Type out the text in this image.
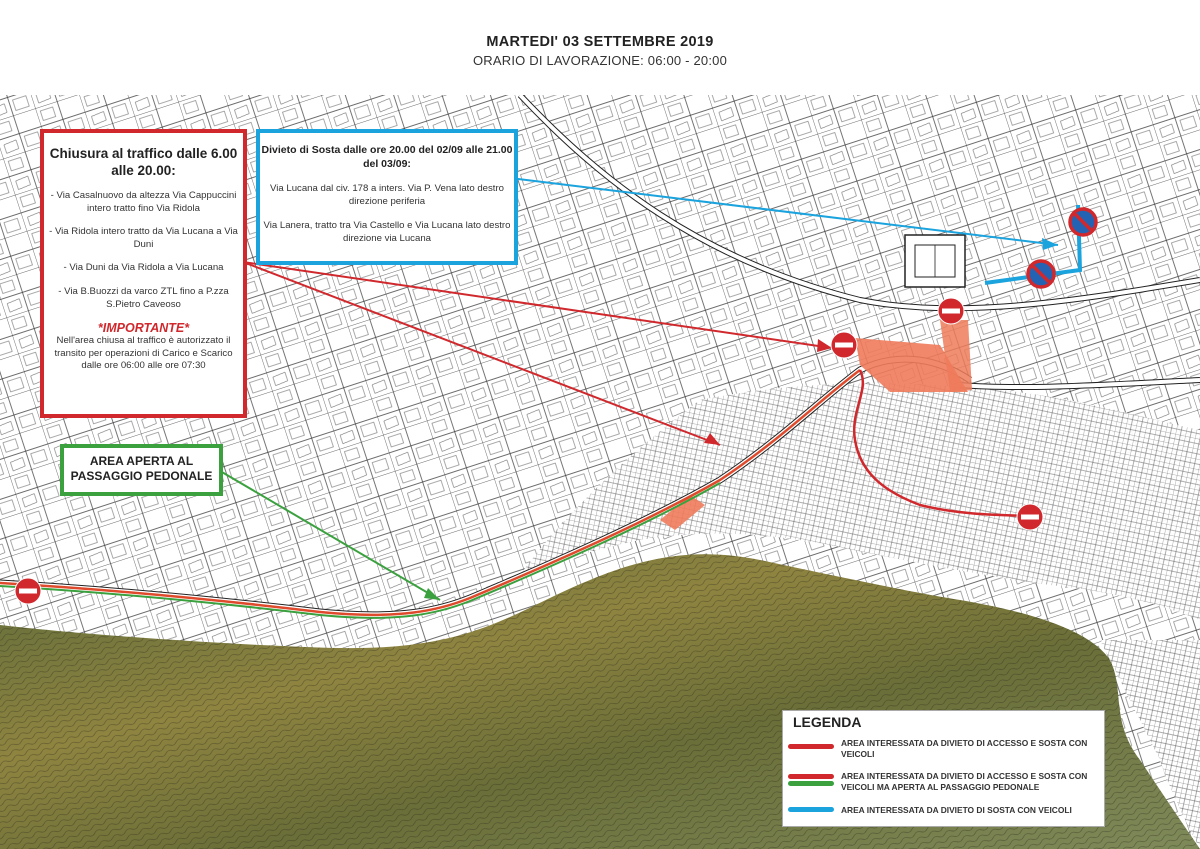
MARTEDI' 03 SETTEMBRE 2019
ORARIO DI LAVORAZIONE: 06:00 - 20:00
Chiusura al traffico dalle 6.00 alle 20.00:
- Via Casalnuovo da altezza Via Cappuccini intero tratto fino Via Ridola
- Via Ridola intero tratto da Via Lucana a Via Duni
- Via Duni da Via Ridola a Via Lucana
- Via B.Buozzi da varco ZTL fino a P.zza S.Pietro Caveoso
*IMPORTANTE*
Nell'area chiusa al traffico è autorizzato il transito per operazioni di Carico e Scarico dalle ore 06:00 alle ore 07:30
Divieto di Sosta dalle ore 20.00 del 02/09 alle 21.00 del 03/09:
Via Lucana dal civ. 178 a inters. Via P. Vena lato destro direzione periferia
Via Lanera, tratto tra Via Castello e Via Lucana lato destro direzione via Lucana
AREA APERTA AL PASSAGGIO PEDONALE
LEGENDA
AREA INTERESSATA DA DIVIETO DI ACCESSO E SOSTA CON VEICOLI
AREA INTERESSATA DA DIVIETO DI ACCESSO E SOSTA CON VEICOLI MA APERTA AL PASSAGGIO PEDONALE
AREA INTERESSATA DA DIVIETO DI SOSTA CON VEICOLI
